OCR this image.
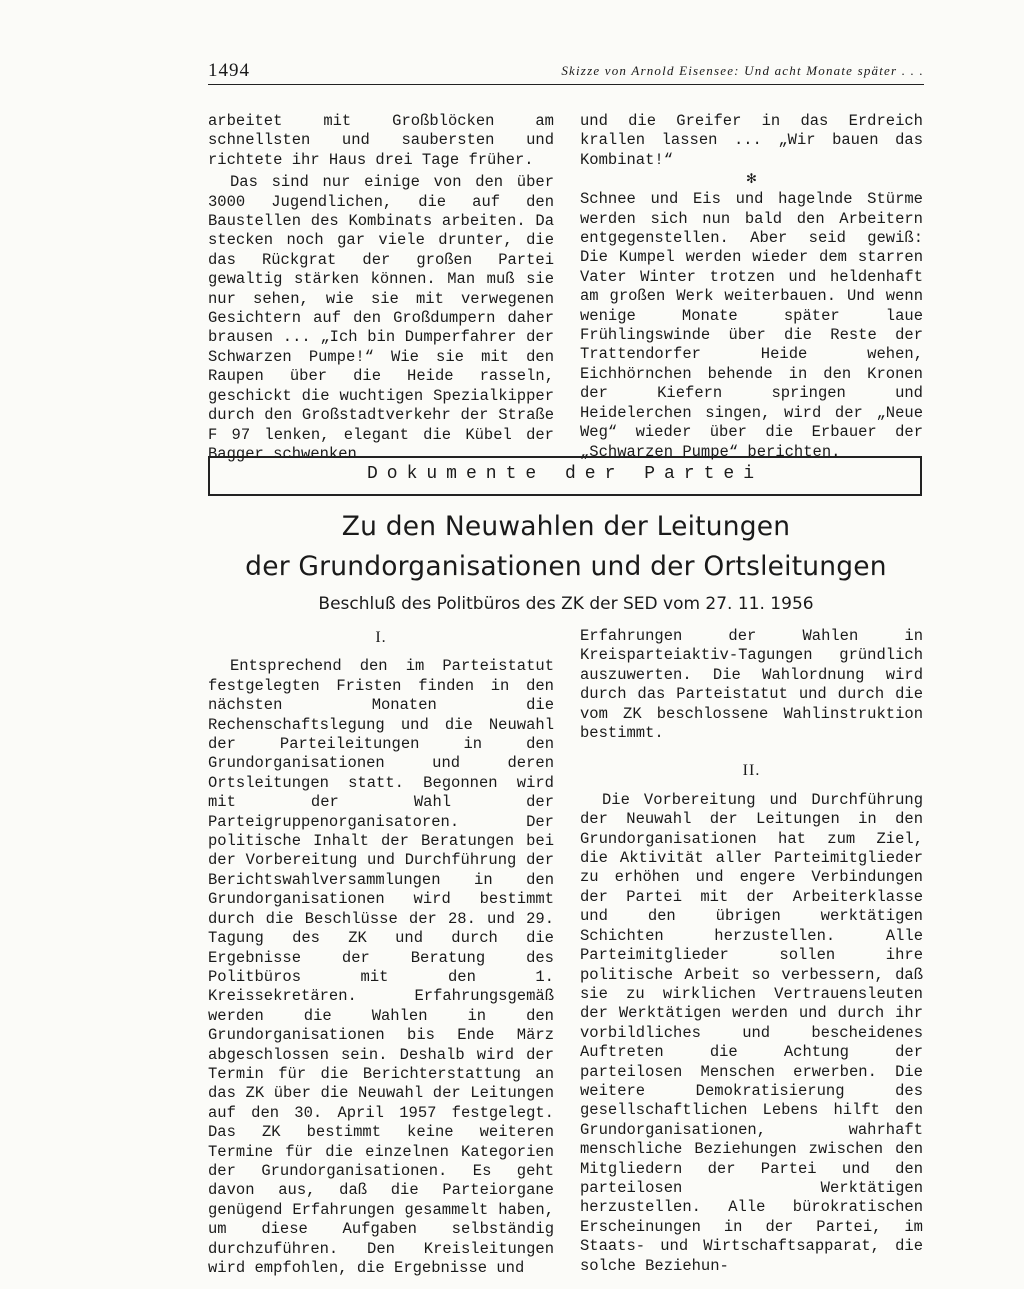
1494	Skizze von Arnold Eisensee: Und acht Monate später . . .

arbeitet mit Großblöcken am schnellsten und saubersten und richtete ihr Haus drei Tage früher.

Das sind nur einige von den über 3000 Jugendlichen, die auf den Baustellen des Kombinats arbeiten. Da stecken noch gar viele drunter, die das Rückgrat der großen Partei gewaltig stärken können. Man muß sie nur sehen, wie sie mit verwegenen Gesichtern auf den Großdumpern daher brausen ... „Ich bin Dumperfahrer der Schwarzen Pumpe!“ Wie sie mit den Raupen über die Heide rasseln, geschickt die wuchtigen Spezialkipper durch den Großstadtverkehr der Straße F 97 lenken, elegant die Kübel der Bagger schwenken

und die Greifer in das Erdreich krallen lassen ... „Wir bauen das Kombinat!“

✻

Schnee und Eis und hagelnde Stürme werden sich nun bald den Arbeitern entgegenstellen. Aber seid gewiß: Die Kumpel werden wieder dem starren Vater Winter trotzen und heldenhaft am großen Werk weiterbauen. Und wenn wenige Monate später laue Frühlingswinde über die Reste der Trattendorfer Heide wehen, Eichhörnchen behende in den Kronen der Kiefern springen und Heidelerchen singen, wird der „Neue Weg“ wieder über die Erbauer der „Schwarzen Pumpe“ berichten.

Dokumente der Partei
Zu den Neuwahlen der Leitungen
der Grundorganisationen und der Ortsleitungen
Beschluß des Politbüros des ZK der SED vom 27. 11. 1956
I.

Entsprechend den im Parteistatut festgelegten Fristen finden in den nächsten Monaten die Rechenschaftslegung und die Neuwahl der Parteileitungen in den Grundorganisationen und deren Ortsleitungen statt. Begonnen wird mit der Wahl der Parteigruppenorganisatoren. Der politische Inhalt der Beratungen bei der Vorbereitung und Durchführung der Berichtswahlversammlungen in den Grundorganisationen wird bestimmt durch die Beschlüsse der 28. und 29. Tagung des ZK und durch die Ergebnisse der Beratung des Politbüros mit den 1. Kreissekretären. Erfahrungsgemäß werden die Wahlen in den Grundorganisationen bis Ende März abgeschlossen sein. Deshalb wird der Termin für die Berichterstattung an das ZK über die Neuwahl der Leitungen auf den 30. April 1957 festgelegt. Das ZK bestimmt keine weiteren Termine für die einzelnen Kategorien der Grundorganisationen. Es geht davon aus, daß die Parteiorgane genügend Erfahrungen gesammelt haben, um diese Aufgaben selbständig durchzuführen. Den Kreisleitungen wird empfohlen, die Ergebnisse und

Erfahrungen der Wahlen in Kreisparteiaktiv-Tagungen gründlich auszuwerten. Die Wahlordnung wird durch das Parteistatut und durch die vom ZK beschlossene Wahlinstruktion bestimmt.

II.

Die Vorbereitung und Durchführung der Neuwahl der Leitungen in den Grundorganisationen hat zum Ziel, die Aktivität aller Parteimitglieder zu erhöhen und engere Verbindungen der Partei mit der Arbeiterklasse und den übrigen werktätigen Schichten herzustellen. Alle Parteimitglieder sollen ihre politische Arbeit so verbessern, daß sie zu wirklichen Vertrauensleuten der Werktätigen werden und durch ihr vorbildliches und bescheidenes Auftreten die Achtung der parteilosen Menschen erwerben. Die weitere Demokratisierung des gesellschaftlichen Lebens hilft den Grundorganisationen, wahrhaft menschliche Beziehungen zwischen den Mitgliedern der Partei und den parteilosen Werktätigen herzustellen. Alle bürokratischen Erscheinungen in der Partei, im Staats- und Wirtschaftsapparat, die solche Beziehun-
